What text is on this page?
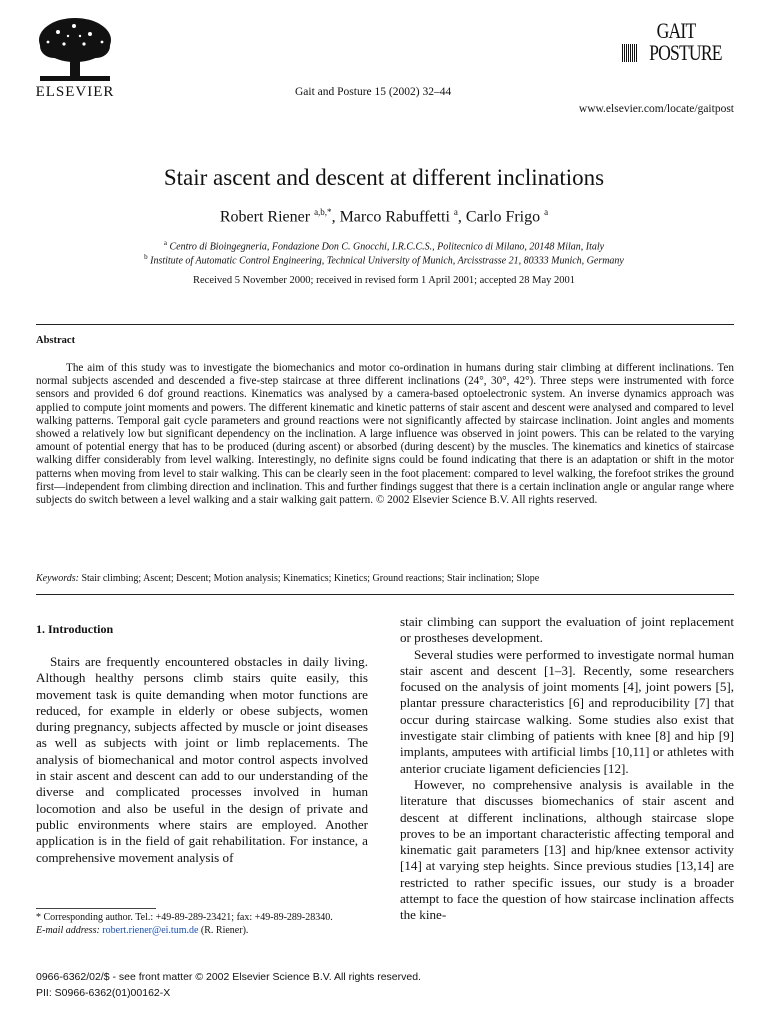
ELSEVIER	Gait and Posture 15 (2002) 32–44
GAIT
POSTURE
www.elsevier.com/locate/gaitpost
Stair ascent and descent at different inclinations
Robert Riener $^{a,b,*}$, Marco Rabuffetti $^a$, Carlo Frigo $^a$
$^a$ Centro di Bioingegneria, Fondazione Don C. Gnocchi, I.R.C.C.S., Politecnico di Milano, 20148 Milan, Italy
$^b$ Institute of Automatic Control Engineering, Technical University of Munich, Arcisstrasse 21, 80333 Munich, Germany
Received 5 November 2000; received in revised form 1 April 2001; accepted 28 May 2001
Abstract

The aim of this study was to investigate the biomechanics and motor co-ordination in humans during stair climbing at different inclinations. Ten normal subjects ascended and descended a five-step staircase at three different inclinations (24°, 30°, 42°). Three steps were instrumented with force sensors and provided 6 dof ground reactions. Kinematics was analysed by a camera-based optoelectronic system. An inverse dynamics approach was applied to compute joint moments and powers. The different kinematic and kinetic patterns of stair ascent and descent were analysed and compared to level walking patterns. Temporal gait cycle parameters and ground reactions were not significantly affected by staircase inclination. Joint angles and moments showed a relatively low but significant dependency on the inclination. A large influence was observed in joint powers. This can be related to the varying amount of potential energy that has to be produced (during ascent) or absorbed (during descent) by the muscles. The kinematics and kinetics of staircase walking differ considerably from level walking. Interestingly, no definite signs could be found indicating that there is an adaptation or shift in the motor patterns when moving from level to stair walking. This can be clearly seen in the foot placement: compared to level walking, the forefoot strikes the ground first—independent from climbing direction and inclination. This and further findings suggest that there is a certain inclination angle or angular range where subjects do switch between a level walking and a stair walking gait pattern. © 2002 Elsevier Science B.V. All rights reserved.

Keywords: Stair climbing; Ascent; Descent; Motion analysis; Kinematics; Kinetics; Ground reactions; Stair inclination; Slope
1. Introduction

Stairs are frequently encountered obstacles in daily living. Although healthy persons climb stairs quite easily, this movement task is quite demanding when motor functions are reduced, for example in elderly or obese subjects, women during pregnancy, subjects affected by muscle or joint diseases as well as subjects with joint or limb replacements. The analysis of biomechanical and motor control aspects involved in stair ascent and descent can add to our understanding of the diverse and complicated processes involved in human locomotion and also be useful in the design of private and public environments where stairs are employed. Another application is in the field of gait rehabilitation. For instance, a comprehensive movement analysis of

stair climbing can support the evaluation of joint replacement or prostheses development.

Several studies were performed to investigate normal human stair ascent and descent [1–3]. Recently, some researchers focused on the analysis of joint moments [4], joint powers [5], plantar pressure characteristics [6] and reproducibility [7] that occur during staircase walking. Some studies also exist that investigate stair climbing of patients with knee [8] and hip [9] implants, amputees with artificial limbs [10,11] or athletes with anterior cruciate ligament deficiencies [12].

However, no comprehensive analysis is available in the literature that discusses biomechanics of stair ascent and descent at different inclinations, although staircase slope proves to be an important characteristic affecting temporal and kinematic gait parameters [13] and hip/knee extensor activity [14] at varying step heights. Since previous studies [13,14] are restricted to rather specific issues, our study is a broader attempt to face the question of how staircase inclination affects the kine-

* Corresponding author. Tel.: +49-89-289-23421; fax: +49-89-289-28340.
E-mail address: robert.riener@ei.tum.de (R. Riener).
0966-6362/02/$ - see front matter © 2002 Elsevier Science B.V. All rights reserved.
PII: S0966-6362(01)00162-X
